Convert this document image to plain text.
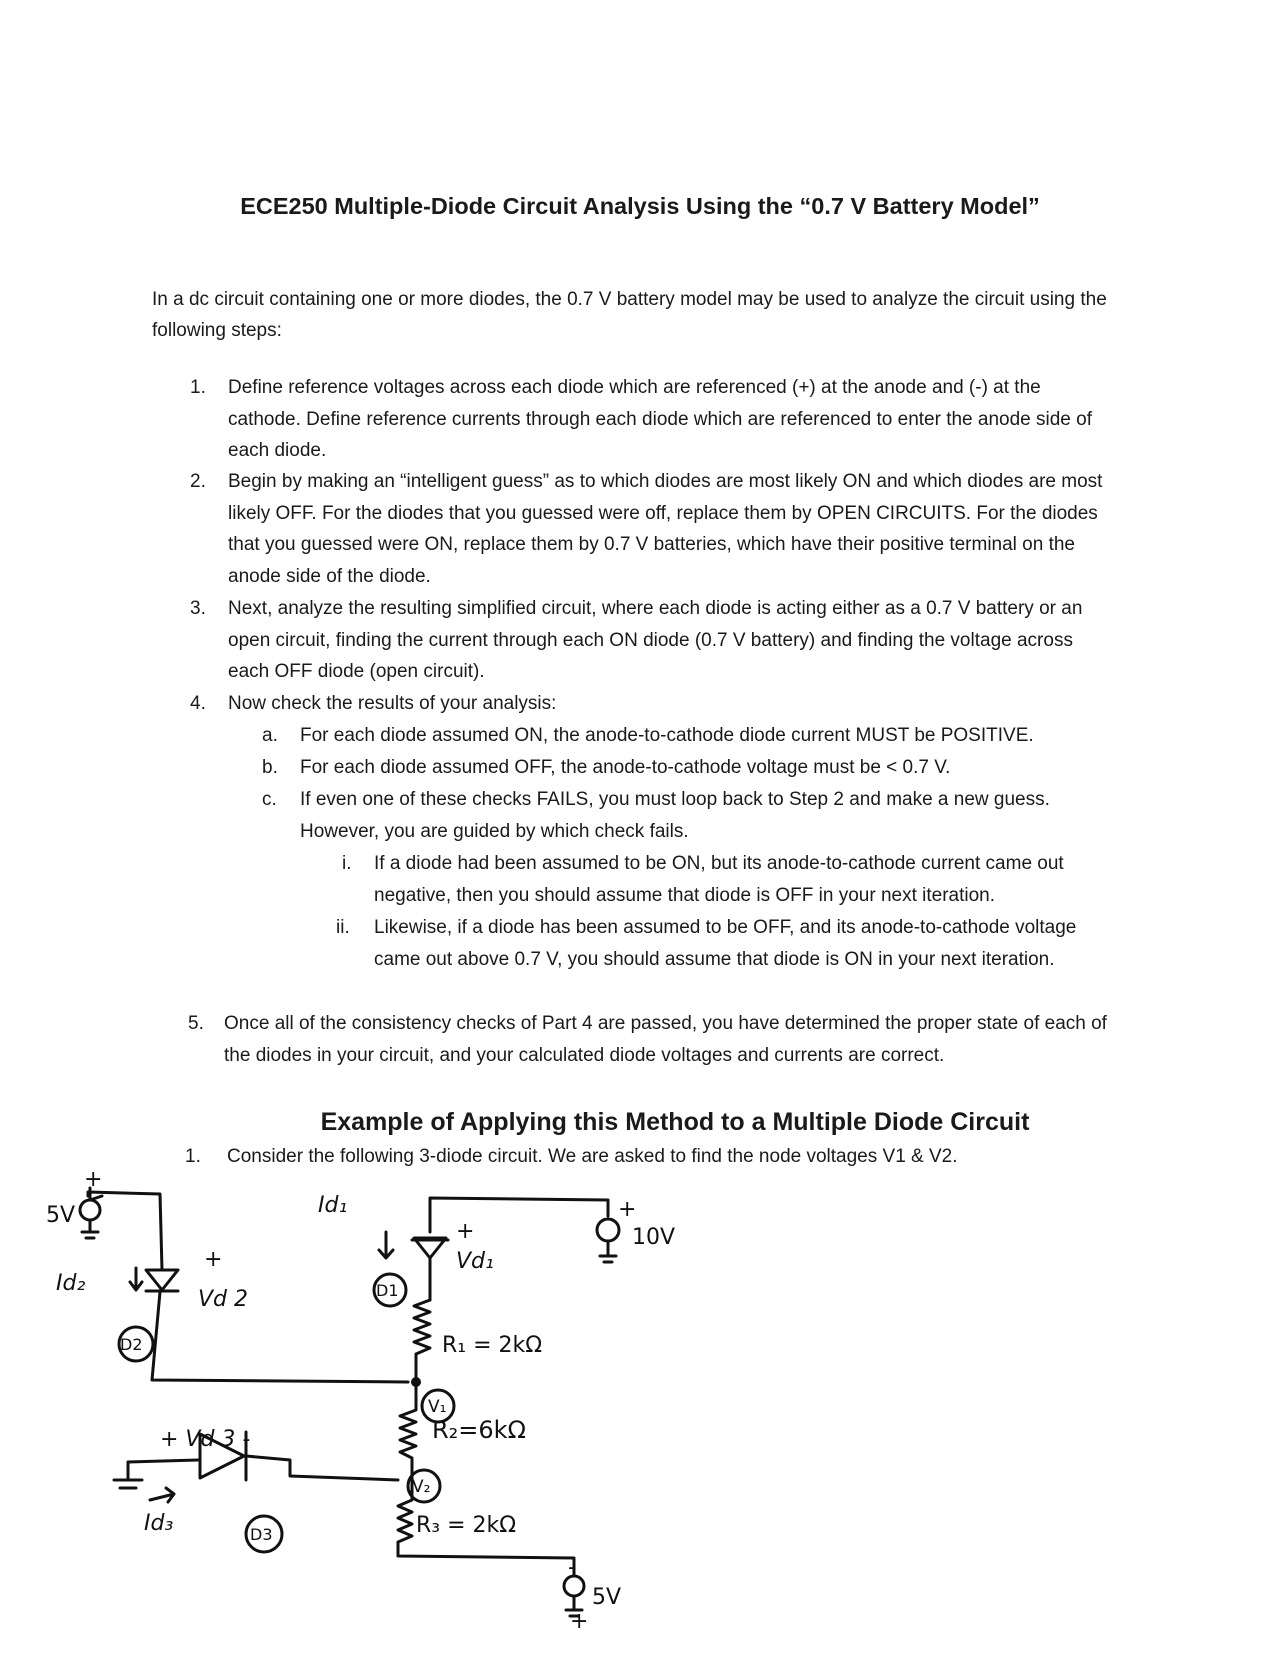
ECE250 Multiple-Diode Circuit Analysis Using the “0.7 V Battery Model”
In a dc circuit containing one or more diodes, the 0.7 V battery model may be used to analyze the circuit using the following steps:
1. Define reference voltages across each diode which are referenced (+) at the anode and (-) at the cathode. Define reference currents through each diode which are referenced to enter the anode side of each diode.
2. Begin by making an “intelligent guess” as to which diodes are most likely ON and which diodes are most likely OFF. For the diodes that you guessed were off, replace them by OPEN CIRCUITS. For the diodes that you guessed were ON, replace them by 0.7 V batteries, which have their positive terminal on the anode side of the diode.
3. Next, analyze the resulting simplified circuit, where each diode is acting either as a 0.7 V battery or an open circuit, finding the current through each ON diode (0.7 V battery) and finding the voltage across each OFF diode (open circuit).
4. Now check the results of your analysis:
a. For each diode assumed ON, the anode-to-cathode diode current MUST be POSITIVE.
b. For each diode assumed OFF, the anode-to-cathode voltage must be < 0.7 V.
c. If even one of these checks FAILS, you must loop back to Step 2 and make a new guess. However, you are guided by which check fails.
i. If a diode had been assumed to be ON, but its anode-to-cathode current came out negative, then you should assume that diode is OFF in your next iteration.
ii. Likewise, if a diode has been assumed to be OFF, and its anode-to-cathode voltage came out above 0.7 V, you should assume that diode is ON in your next iteration.
5. Once all of the consistency checks of Part 4 are passed, you have determined the proper state of each of the diodes in your circuit, and your calculated diode voltages and currents are correct.
Example of Applying this Method to a Multiple Diode Circuit
1. Consider the following 3-diode circuit. We are asked to find the node voltages V1 & V2.
+
5V
Id₂
+
Vd 2
D2
Id₁
+
Vd₁
D1
+
10V
R₁ = 2kΩ
V₁
R₂=6kΩ
V₂
R₃ = 2kΩ
+ Vd 3 -
Id₃	D3
-
5V
+
